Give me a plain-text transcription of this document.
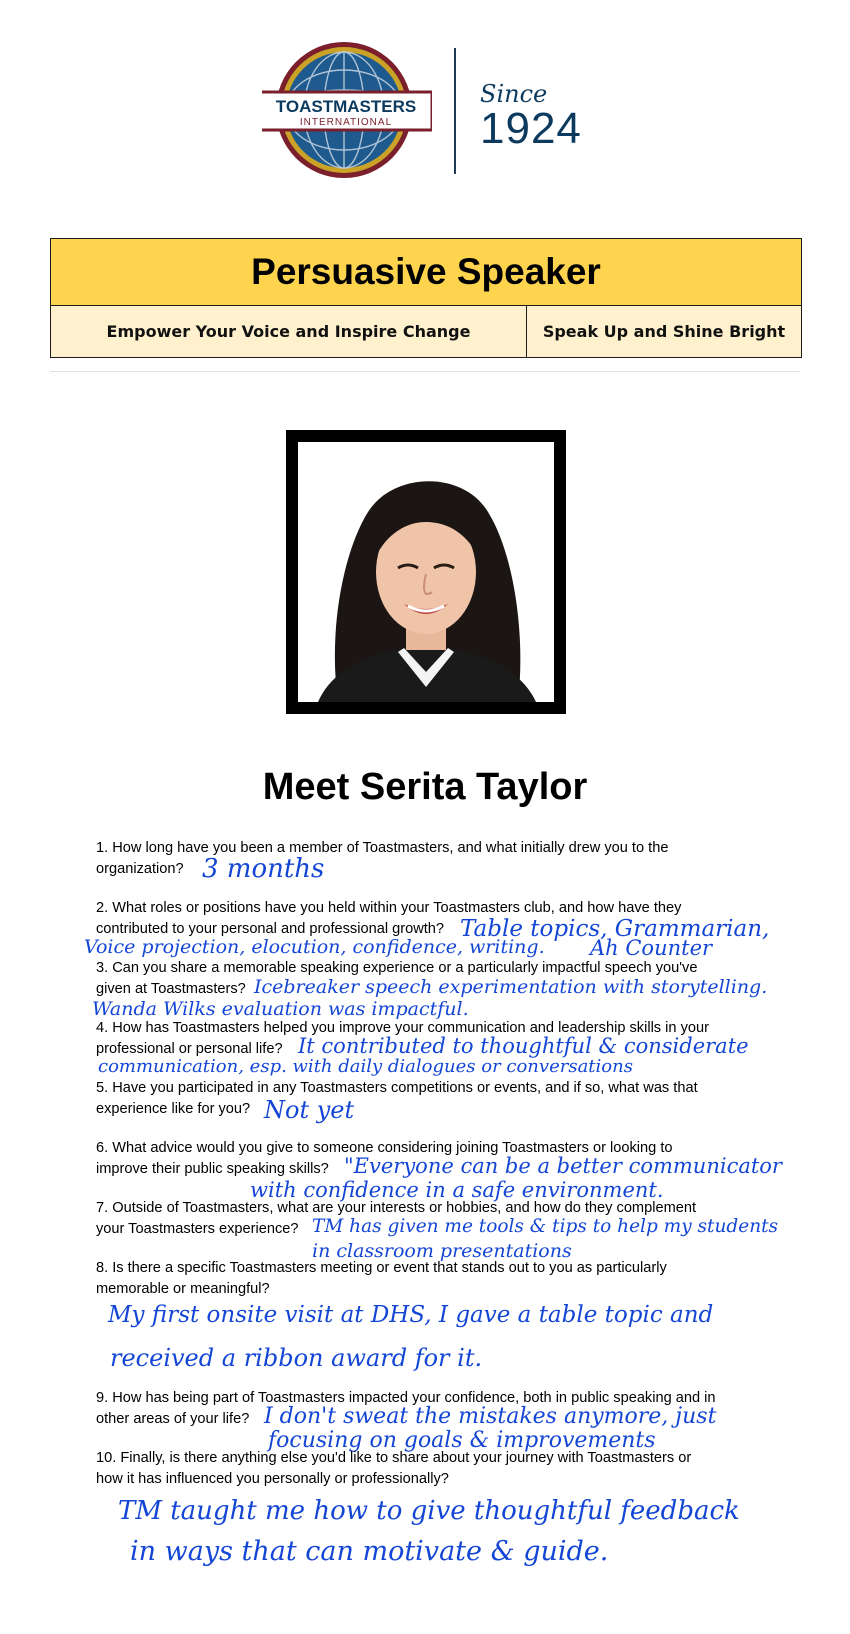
TOASTMASTERS
INTERNATIONAL
Since
1924
Persuasive Speaker
Empower Your Voice and Inspire Change	Speak Up and Shine Bright
Meet Serita Taylor

1. How long have you been a member of Toastmasters, and what initially drew you to the
organization? 3 months

2. What roles or positions have you held within your Toastmasters club, and how have they
contributed to your personal and professional growth? Table topics, Grammarian,
Ah Counter
Voice projection, elocution, confidence, writing.

3. Can you share a memorable speaking experience or a particularly impactful speech you've
given at Toastmasters? Icebreaker speech experimentation with storytelling.
Wanda Wilks evaluation was impactful.

4. How has Toastmasters helped you improve your communication and leadership skills in your
professional or personal life? It contributed to thoughtful & considerate
communication, esp. with daily dialogues or conversations

5. Have you participated in any Toastmasters competitions or events, and if so, what was that
experience like for you? Not yet

6. What advice would you give to someone considering joining Toastmasters or looking to
improve their public speaking skills? "Everyone can be a better communicator
with confidence in a safe environment.

7. Outside of Toastmasters, what are your interests or hobbies, and how do they complement
your Toastmasters experience? TM has given me tools & tips to help my students
in classroom presentations

8. Is there a specific Toastmasters meeting or event that stands out to you as particularly
memorable or meaningful?

My first onsite visit at DHS, I gave a table topic and
received a ribbon award for it.

9. How has being part of Toastmasters impacted your confidence, both in public speaking and in
other areas of your life? I don't sweat the mistakes anymore, just
focusing on goals & improvements

10. Finally, is there anything else you'd like to share about your journey with Toastmasters or
how it has influenced you personally or professionally?

TM taught me how to give thoughtful feedback
in ways that can motivate & guide.
